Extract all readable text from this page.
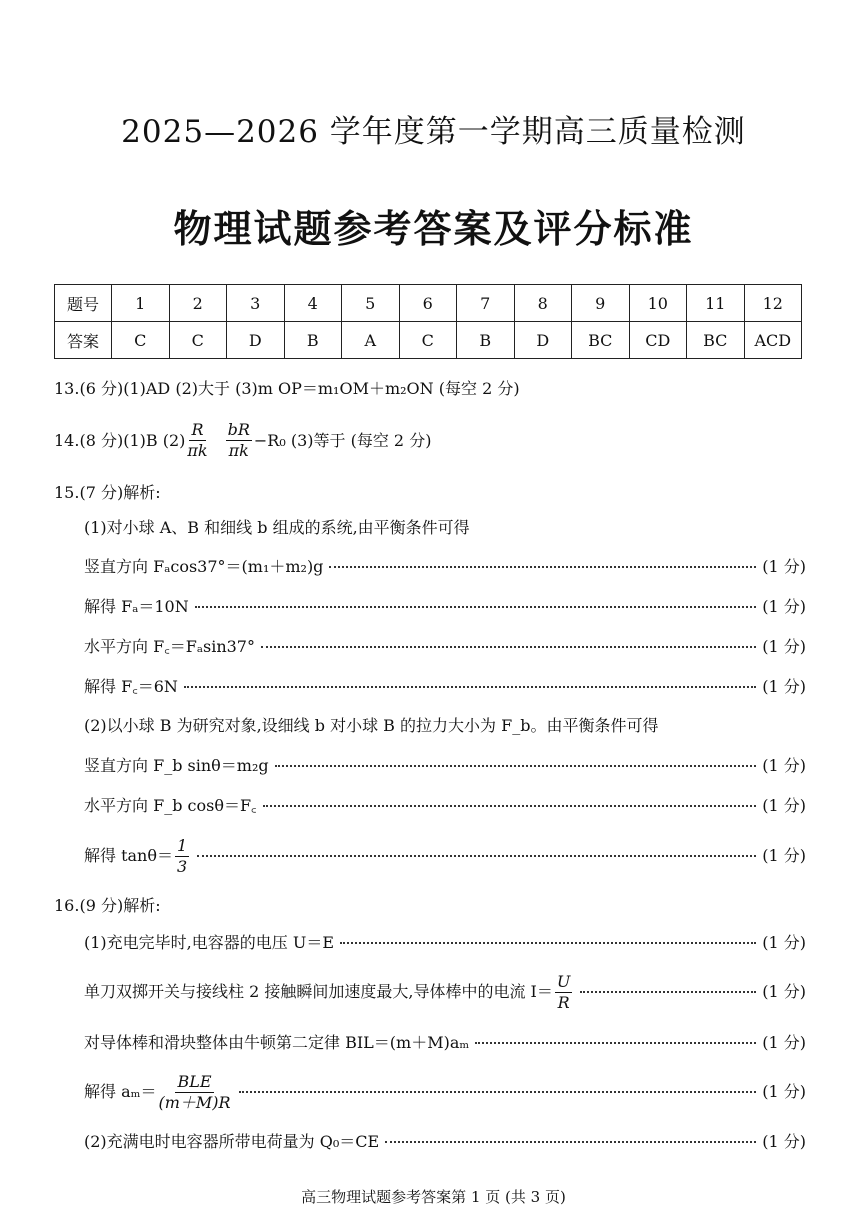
2025—2026 学年度第一学期高三质量检测
物理试题参考答案及评分标准
题号	1	2	3	4	5	6	7	8	9	10	11	12
答案	C	C	D	B	A	C	B	D	BC	CD	BC	ACD
13.(6 分)(1)AD (2)大于 (3)m OP＝m₁OM＋m₂ON (每空 2 分)
14.(8 分)(1)B $(2) \frac{R}{\pi k} \frac{bR}{\pi k} -R_0$ (3)等于 (每空 2 分)
15.(7 分)解析:
(1)对小球 A、B 和细线 b 组成的系统,由平衡条件可得
竖直方向 Fₐcos37°＝(m₁＋m₂)g	(1 分)
解得 Fₐ＝10N	(1 分)
水平方向 F꜀＝Fₐsin37°	(1 分)
解得 F꜀＝6N	(1 分)
(2)以小球 B 为研究对象,设细线 b 对小球 B 的拉力大小为 F_b。由平衡条件可得
竖直方向 F_b sinθ＝m₂g	(1 分)
水平方向 F_b cosθ＝F꜀	(1 分)
解得 $\tan\theta= \frac{1}{3}$	(1 分)
16.(9 分)解析:
(1)充电完毕时,电容器的电压 U＝E	(1 分)
单刀双掷开关与接线柱 2 接触瞬间加速度最大,导体棒中的电流 $I= \frac{U}{R}$	(1 分)
对导体棒和滑块整体由牛顿第二定律 BIL＝(m＋M)aₘ	(1 分)
解得 $a_m= \frac{\text{BLE}}{(m+M)R}$	(1 分)
(2)充满电时电容器所带电荷量为 Q₀＝CE	(1 分)
高三物理试题参考答案第 1 页 (共 3 页)
